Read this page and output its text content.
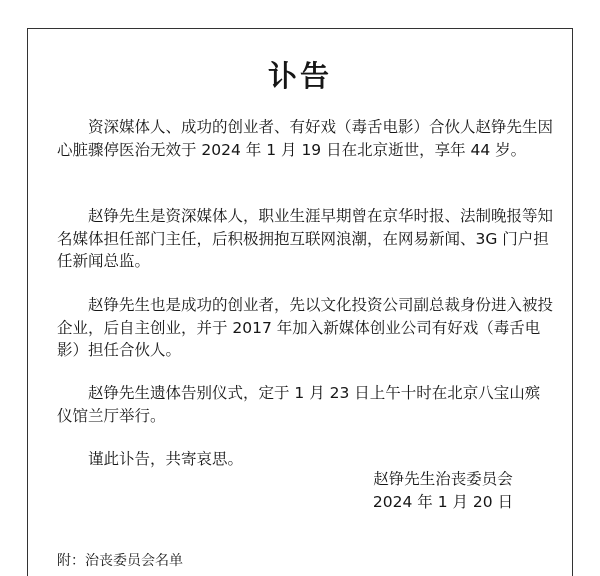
讣告

资深媒体人、成功的创业者、有好戏（毒舌电影）合伙人赵铮先生因心脏骤停医治无效于 2024 年 1 月 19 日在北京逝世，享年 44 岁。

赵铮先生是资深媒体人，职业生涯早期曾在京华时报、法制晚报等知名媒体担任部门主任，后积极拥抱互联网浪潮，在网易新闻、3G 门户担任新闻总监。

赵铮先生也是成功的创业者，先以文化投资公司副总裁身份进入被投企业，后自主创业，并于 2017 年加入新媒体创业公司有好戏（毒舌电影）担任合伙人。

赵铮先生遗体告别仪式，定于 1 月 23 日上午十时在北京八宝山殡仪馆兰厅举行。

谨此讣告，共寄哀思。

赵铮先生治丧委员会
2024 年 1 月 20 日
附：治丧委员会名单
